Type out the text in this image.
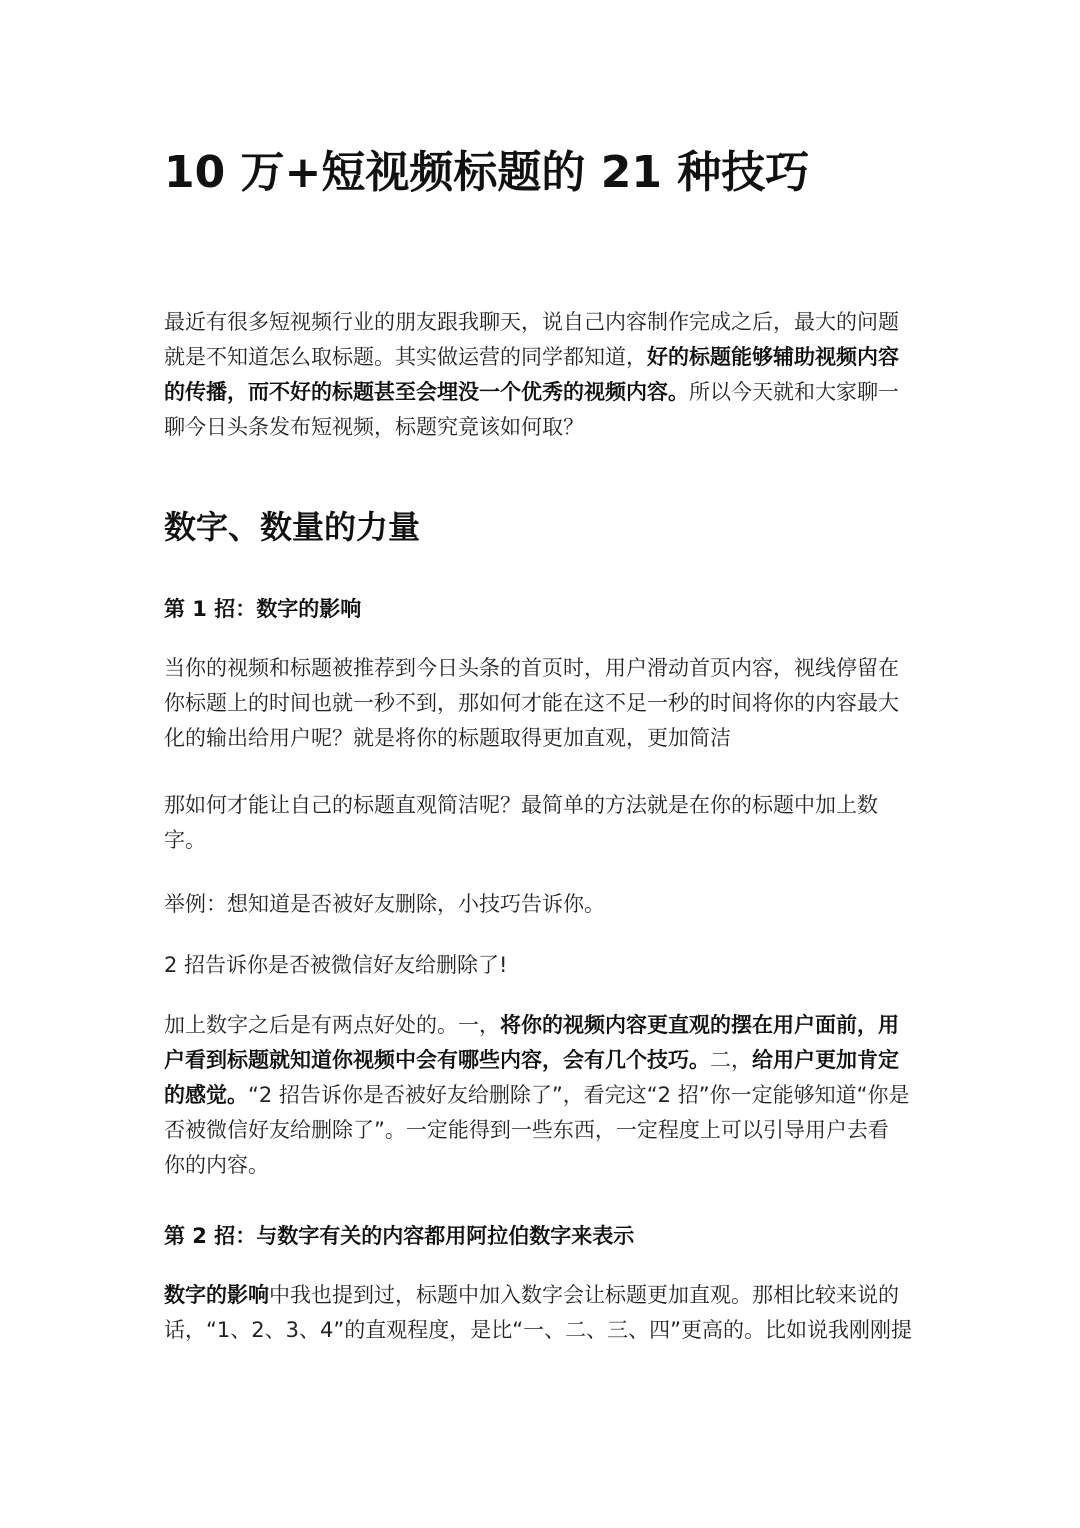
10 万+短视频标题的 21 种技巧
最近有很多短视频行业的朋友跟我聊天，说自己内容制作完成之后，最大的问题
就是不知道怎么取标题。其实做运营的同学都知道，好的标题能够辅助视频内容
的传播，而不好的标题甚至会埋没一个优秀的视频内容。所以今天就和大家聊一
聊今日头条发布短视频，标题究竟该如何取？
数字、数量的力量
第 1 招：数字的影响
当你的视频和标题被推荐到今日头条的首页时，用户滑动首页内容，视线停留在
你标题上的时间也就一秒不到，那如何才能在这不足一秒的时间将你的内容最大
化的输出给用户呢？就是将你的标题取得更加直观，更加简洁
那如何才能让自己的标题直观简洁呢？最简单的方法就是在你的标题中加上数
字。
举例：想知道是否被好友删除，小技巧告诉你。
2 招告诉你是否被微信好友给删除了!
加上数字之后是有两点好处的。一，将你的视频内容更直观的摆在用户面前，用
户看到标题就知道你视频中会有哪些内容，会有几个技巧。二，给用户更加肯定
的感觉。“2 招告诉你是否被好友给删除了”，看完这“2 招”你一定能够知道“你是
否被微信好友给删除了”。一定能得到一些东西，一定程度上可以引导用户去看
你的内容。
第 2 招：与数字有关的内容都用阿拉伯数字来表示
数字的影响中我也提到过，标题中加入数字会让标题更加直观。那相比较来说的
话，“1、2、3、4”的直观程度，是比“一、二、三、四”更高的。比如说我刚刚提
